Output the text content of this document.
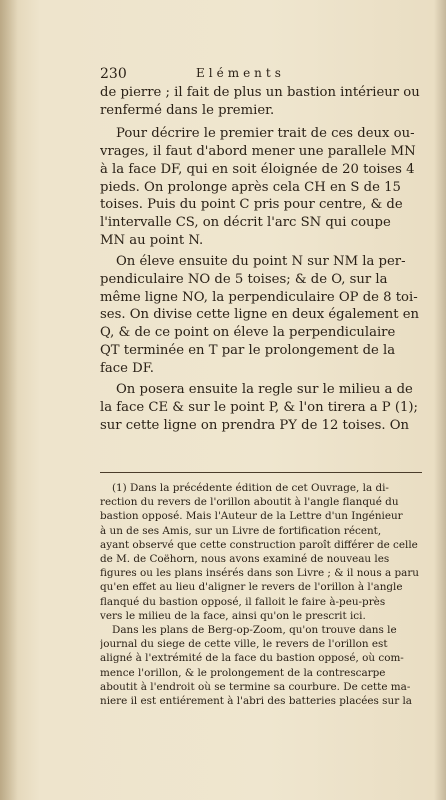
230	Eléments
de pierre ; il fait de plus un bastion intérieur ou
renfermé dans le premier.
Pour décrire le premier trait de ces deux ou-
vrages, il faut d'abord mener une parallele MN
à la face DF, qui en soit éloignée de 20 toises 4
pieds. On prolonge après cela CH en S de 15
toises. Puis du point C pris pour centre, & de
l'intervalle CS, on décrit l'arc SN qui coupe
MN au point N.
On éleve ensuite du point N sur NM la per-
pendiculaire NO de 5 toises; & de O, sur la
même ligne NO, la perpendiculaire OP de 8 toi-
ses. On divise cette ligne en deux également en
Q, & de ce point on éleve la perpendiculaire
QT terminée en T par le prolongement de la
face DF.
On posera ensuite la regle sur le milieu a de
la face CE & sur le point P, & l'on tirera a P (1);
sur cette ligne on prendra PY de 12 toises. On
(1) Dans la précédente édition de cet Ouvrage, la di-
rection du revers de l'orillon aboutit à l'angle flanqué du
bastion opposé. Mais l'Auteur de la Lettre d'un Ingénieur
à un de ses Amis, sur un Livre de fortification récent,
ayant observé que cette construction paroît différer de celle
de M. de Coëhorn, nous avons examiné de nouveau les
figures ou les plans insérés dans son Livre ; & il nous a paru
qu'en effet au lieu d'aligner le revers de l'orillon à l'angle
flanqué du bastion opposé, il falloit le faire à-peu-près
vers le milieu de la face, ainsi qu'on le prescrit ici.
Dans les plans de Berg-op-Zoom, qu'on trouve dans le
journal du siege de cette ville, le revers de l'orillon est
aligné à l'extrémité de la face du bastion opposé, où com-
mence l'orillon, & le prolongement de la contrescarpe
aboutit à l'endroit où se termine sa courbure. De cette ma-
niere il est entiérement à l'abri des batteries placées sur la
